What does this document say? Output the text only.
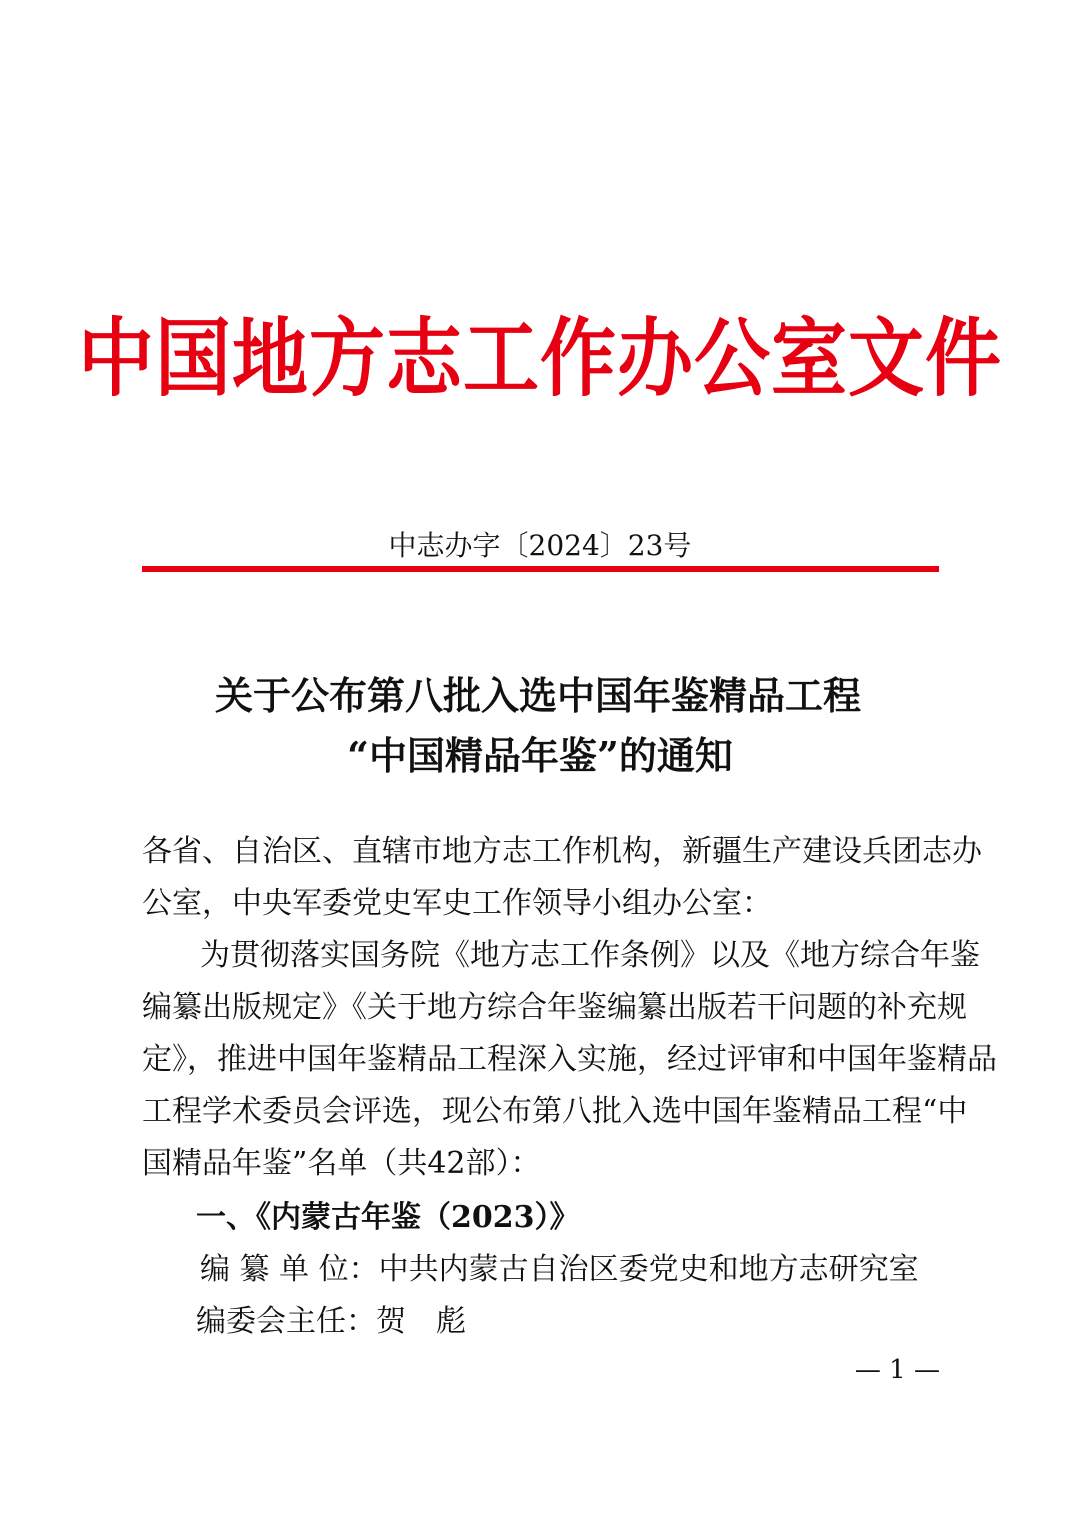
中国地方志工作办公室文件
中志办字〔2024〕23号
关于公布第八批入选中国年鉴精品工程
“中国精品年鉴”的通知
各省、自治区、直辖市地方志工作机构，新疆生产建设兵团志办
公室，中央军委党史军史工作领导小组办公室：
为贯彻落实国务院《地方志工作条例》以及《地方综合年鉴
编纂出版规定》《关于地方综合年鉴编纂出版若干问题的补充规
定》，推进中国年鉴精品工程深入实施，经过评审和中国年鉴精品
工程学术委员会评选，现公布第八批入选中国年鉴精品工程“中
国精品年鉴”名单（共42部）：
一、《内蒙古年鉴（2023）》
编 纂 单 位：中共内蒙古自治区委党史和地方志研究室
编委会主任：贺　彪
— 1 —
